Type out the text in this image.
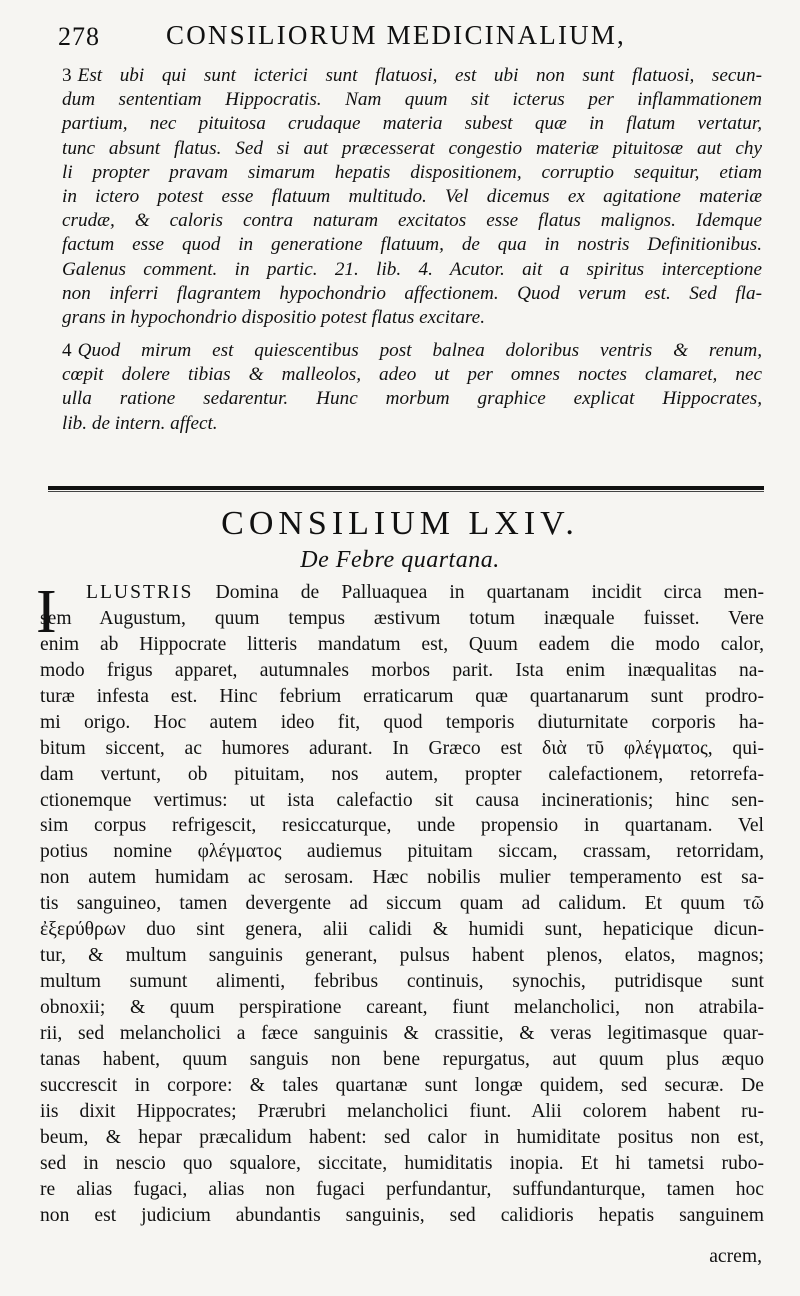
278 CONSILIORUM MEDICINALIUM,
3 Est ubi qui sunt icterici sunt flatuosi, est ubi non sunt flatuosi, secun-
dum sententiam Hippocratis. Nam quum sit icterus per inflammationem
partium, nec pituitosa crudaque materia subest quæ in flatum vertatur,
tunc absunt flatus. Sed si aut præcesserat congestio materiæ pituitosæ aut chy
li propter pravam simarum hepatis dispositionem, corruptio sequitur, etiam
in ictero potest esse flatuum multitudo. Vel dicemus ex agitatione materiæ
crudæ, & caloris contra naturam excitatos esse flatus malignos. Idemque
factum esse quod in generatione flatuum, de qua in nostris Definitionibus.
Galenus comment. in partic. 21. lib. 4. Acutor. ait a spiritus interceptione
non inferri flagrantem hypochondrio affectionem. Quod verum est. Sed fla-
grans in hypochondrio dispositio potest flatus excitare.
4 Quod mirum est quiescentibus post balnea doloribus ventris & renum,
cœpit dolere tibias & malleolos, adeo ut per omnes noctes clamaret, nec
ulla ratione sedarentur. Hunc morbum graphice explicat Hippocrates,
lib. de intern. affect.
CONSILIUM LXIV.
De Febre quartana.
I	LLUSTRIS Domina de Palluaquea in quartanam incidit circa men-
sem Augustum, quum tempus æstivum totum inæquale fuisset. Vere
enim ab Hippocrate litteris mandatum est, Quum eadem die modo calor,
modo frigus apparet, autumnales morbos parit. Ista enim inæqualitas na-
turæ infesta est. Hinc febrium erraticarum quæ quartanarum sunt prodro-
mi origo. Hoc autem ideo fit, quod temporis diuturnitate corporis ha-
bitum siccent, ac humores adurant. In Græco est διὰ τῦ φλέγματος, qui-
dam vertunt, ob pituitam, nos autem, propter calefactionem, retorrefa-
ctionemque vertimus: ut ista calefactio sit causa incinerationis; hinc sen-
sim corpus refrigescit, resiccaturque, unde propensio in quartanam. Vel
potius nomine φλέγματος audiemus pituitam siccam, crassam, retorridam,
non autem humidam ac serosam. Hæc nobilis mulier temperamento est sa-
tis sanguineo, tamen devergente ad siccum quam ad calidum. Et quum τῶ
ἐξερύθρων duo sint genera, alii calidi & humidi sunt, hepaticique dicun-
tur, & multum sanguinis generant, pulsus habent plenos, elatos, magnos;
multum sumunt alimenti, febribus continuis, synochis, putridisque sunt
obnoxii; & quum perspiratione careant, fiunt melancholici, non atrabila-
rii, sed melancholici a fæce sanguinis & crassitie, & veras legitimasque quar-
tanas habent, quum sanguis non bene repurgatus, aut quum plus æquo
succrescit in corpore: & tales quartanæ sunt longæ quidem, sed securæ. De
iis dixit Hippocrates; Prærubri melancholici fiunt. Alii colorem habent ru-
beum, & hepar præcalidum habent: sed calor in humiditate positus non est,
sed in nescio quo squalore, siccitate, humiditatis inopia. Et hi tametsi rubo-
re alias fugaci, alias non fugaci perfundantur, suffundanturque, tamen hoc
non est judicium abundantis sanguinis, sed calidioris hepatis sanguinem
acrem,
